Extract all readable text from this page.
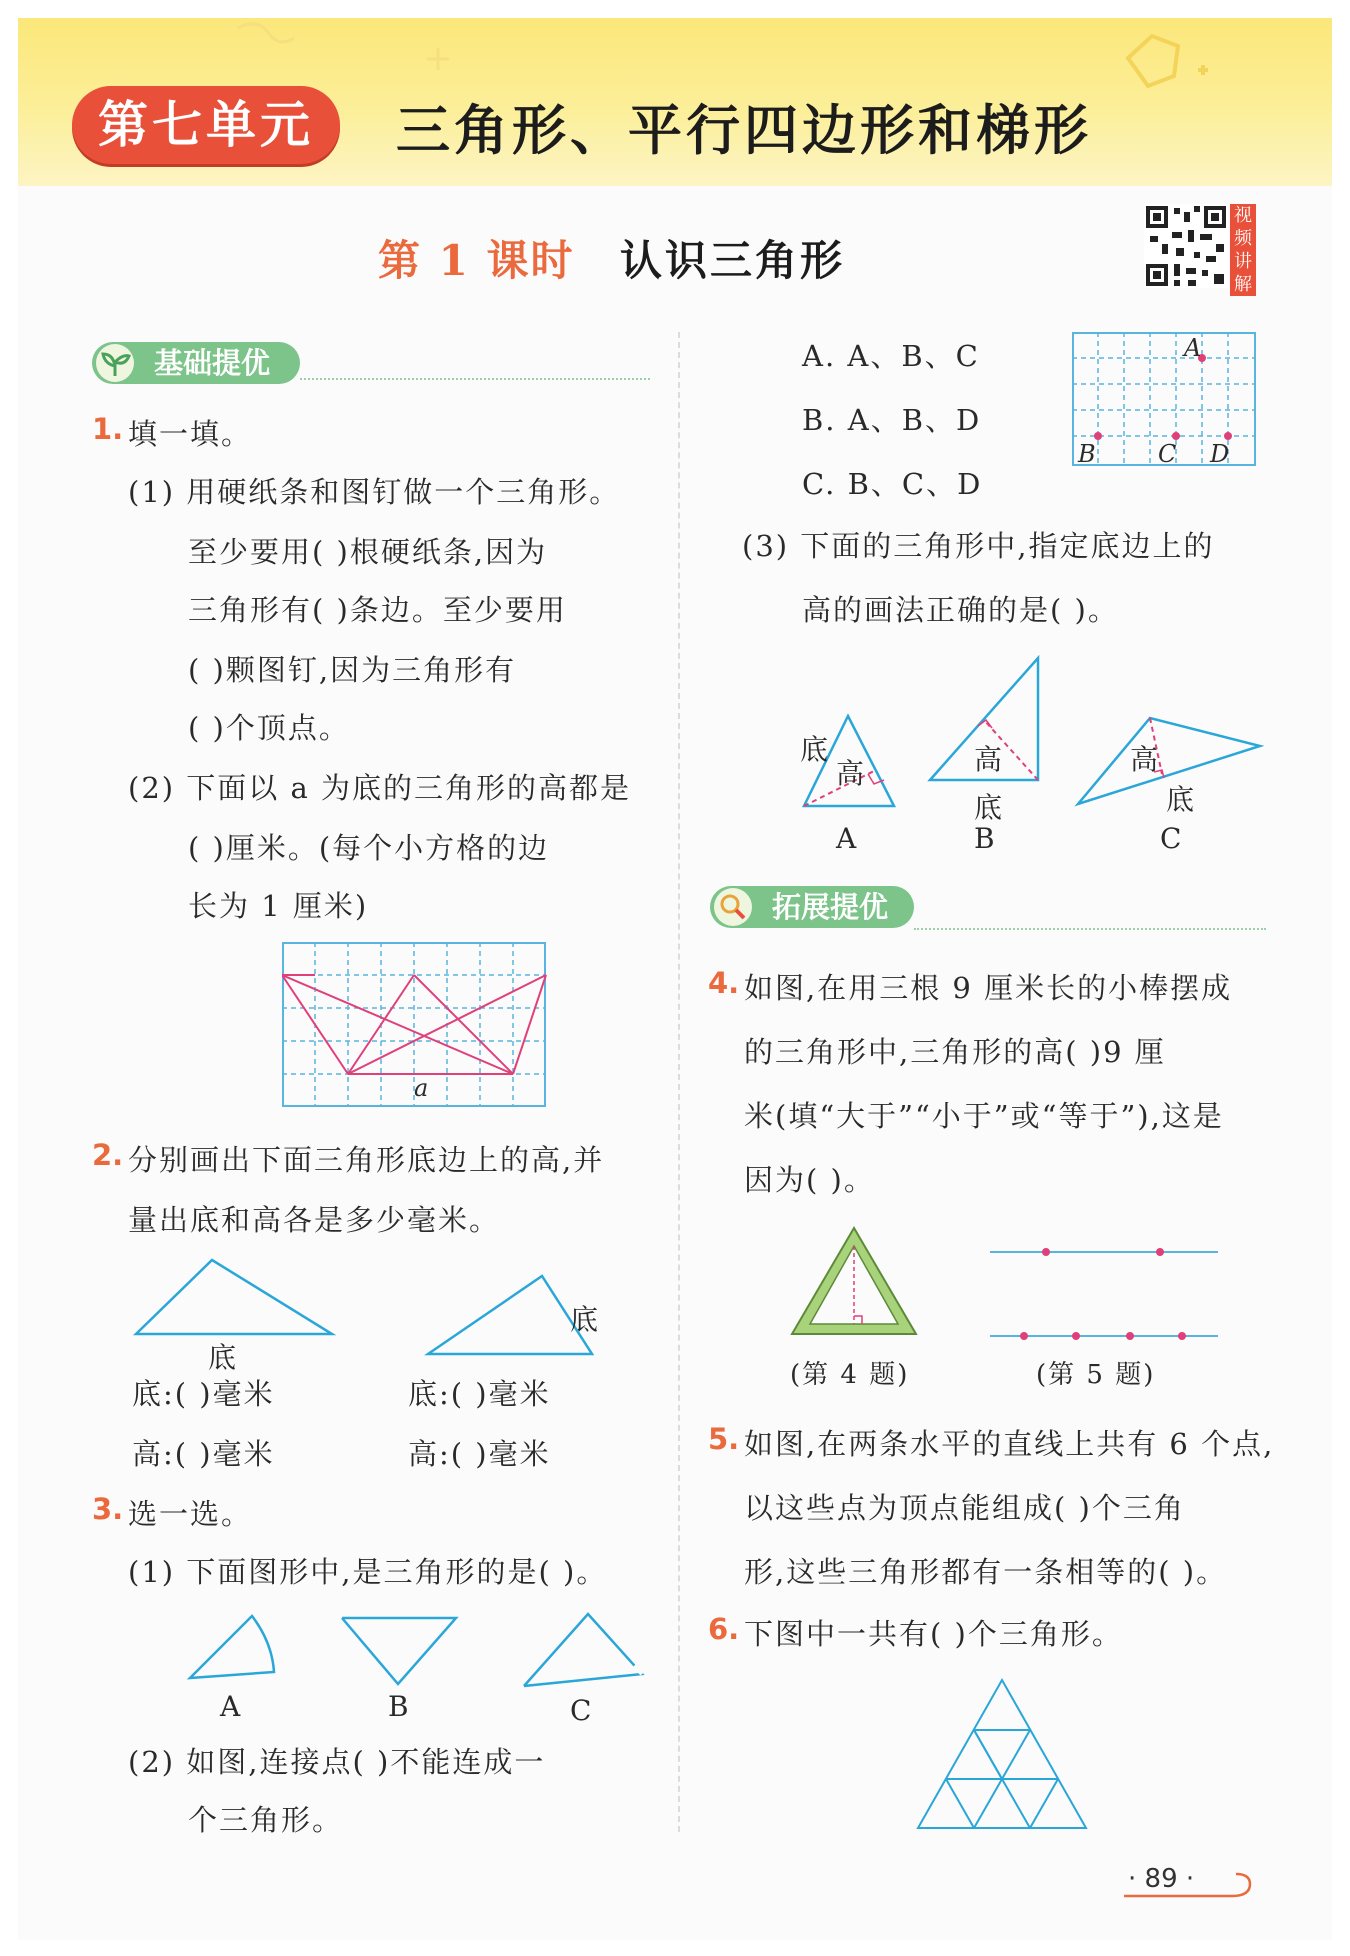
第七单元	三角形、平行四边形和梯形
第 1 课时 认识三角形
视频讲解
基础提优
1. 填一填。
(1) 用硬纸条和图钉做一个三角形。
至少要用( )根硬纸条,因为
三角形有( )条边。至少要用
( )颗图钉,因为三角形有
( )个顶点。
(2) 下面以 a 为底的三角形的高都是
( )厘米。(每个小方格的边
长为 1 厘米)
a
2. 分别画出下面三角形底边上的高,并
量出底和高各是多少毫米。
底
底
底:( )毫米
高:( )毫米
底:( )毫米
高:( )毫米
3. 选一选。
(1) 下面图形中,是三角形的是( )。
A	B	C
(2) 如图,连接点( )不能连成一
个三角形。
A. A、B、C
B. A、B、D
C. B、C、D
A
B	C D
(3) 下面的三角形中,指定底边上的
高的画法正确的是( )。
底
高
A
高
底
B
高
底
C
拓展提优
4. 如图,在用三根 9 厘米长的小棒摆成
的三角形中,三角形的高( )9 厘
米(填“大于”“小于”或“等于”),这是
因为( )。
(第 4 题)	(第 5 题)
5. 如图,在两条水平的直线上共有 6 个点,
以这些点为顶点能组成( )个三角
形,这些三角形都有一条相等的( )。
6. 下图中一共有( )个三角形。
· 89 ·
